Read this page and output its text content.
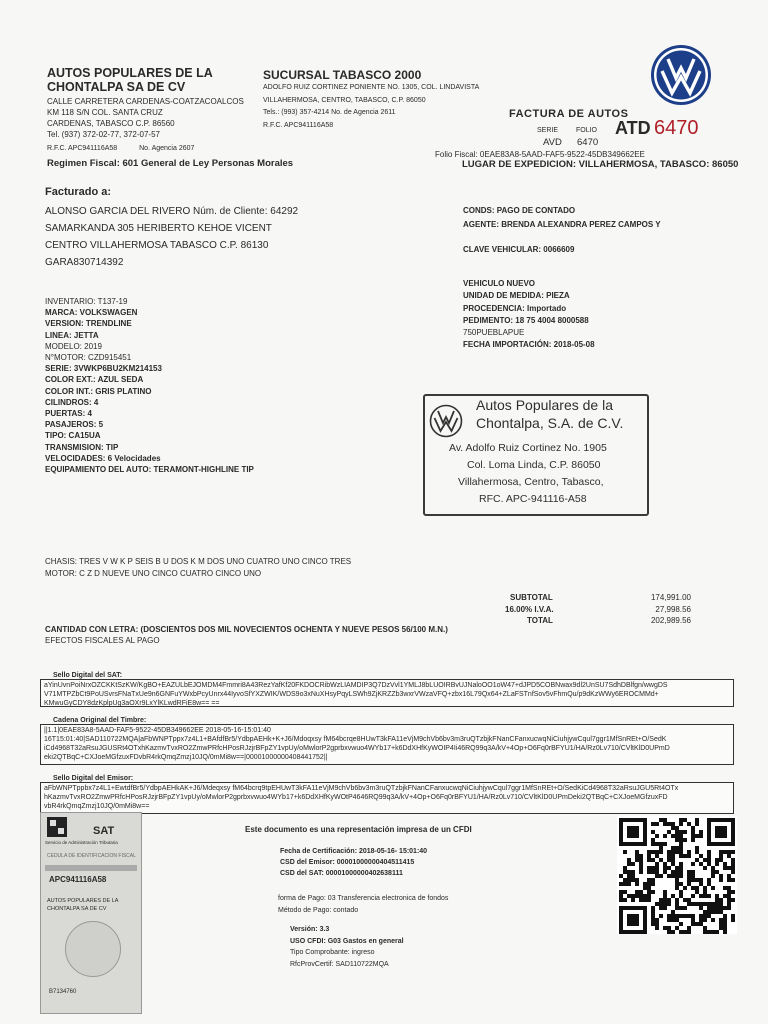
AUTOS POPULARES DE LA
CHONTALPA SA DE CV
CALLE CARRETERA CARDENAS-COATZACOALCOS
KM 118 S/N COL. SANTA CRUZ
CARDENAS, TABASCO C.P. 86560
Tel. (937) 372-02-77, 372-07-57
R.F.C. APC941116A58	No. Agencia 2607
Regimen Fiscal: 601 General de Ley Personas Morales
SUCURSAL TABASCO 2000
ADOLFO RUIZ CORTINEZ PONIENTE NO. 1305, COL. LINDAVISTA
VILLAHERMOSA, CENTRO, TABASCO, C.P. 86050
Tels.: (993) 357-4214 No. de Agencia 2611
R.F.C. APC941116A58
FACTURA DE AUTOS
SERIE	FOLIO ATD 6470
AVD 6470
Folio Fiscal: 0EAE83A8-5AAD-FAF5-9522-45DB349662EE
LUGAR DE EXPEDICION: VILLAHERMOSA, TABASCO: 86050
Facturado a:
ALONSO GARCIA DEL RIVERO Núm. de Cliente: 64292
SAMARKANDA 305 HERIBERTO KEHOE VICENT
CENTRO VILLAHERMOSA TABASCO C.P. 86130
GARA830714392
CONDS: PAGO DE CONTADO
AGENTE: BRENDA ALEXANDRA PEREZ CAMPOS Y
CLAVE VEHICULAR: 0066609
INVENTARIO: T137-19
MARCA: VOLKSWAGEN
VERSION: TRENDLINE
LINEA: JETTA
MODELO: 2019
N°MOTOR: CZD915451
SERIE: 3VWKP6BU2KM214153
COLOR EXT.: AZUL SEDA
COLOR INT.: GRIS PLATINO
CILINDROS: 4
PUERTAS: 4
PASAJEROS: 5
TIPO: CA15UA
TRANSMISION: TIP
VELOCIDADES: 6 Velocidades
EQUIPAMIENTO DEL AUTO: TERAMONT-HIGHLINE TIP
VEHICULO NUEVO
UNIDAD DE MEDIDA: PIEZA
PROCEDENCIA: Importado
PEDIMENTO: 18 75 4004 8000588
750PUEBLAPUE
FECHA IMPORTACIÓN: 2018-05-08
Autos Populares de la
Chontalpa, S.A. de C.V.
Av. Adolfo Ruiz Cortinez No. 1905
Col. Loma Linda, C.P. 86050
Villahermosa, Centro, Tabasco,
RFC. APC-941116-A58
CHASIS: TRES V W K P SEIS B U DOS K M DOS UNO CUATRO UNO CINCO TRES
MOTOR: C Z D NUEVE UNO CINCO CUATRO CINCO UNO
SUBTOTAL	174,991.00
16.00% I.V.A.	27,998.56
TOTAL	202,989.56
CANTIDAD CON LETRA: (DOSCIENTOS DOS MIL NOVECIENTOS OCHENTA Y NUEVE PESOS 56/100 M.N.)
EFECTOS FISCALES AL PAGO
Sello Digital del SAT:
aYinUvnPoiNrxOZCKKtSzKW/KgBO+EAZULbEJOMDM4Fmmri8A43RezYafKf20FKDOCRibWzLIAMDIP3Q7DzVvl1YMLJ8bLUOIRBvUJNaloOO1oW47+dJPD5COBNwax9dl2UnSU7SdhDBlfgn/wwgDS
V71MTPZbCt9PoUSvrsFNaTxUe9n6GNFuYWxbPcyUnrx44IyvoSfYXZWIK/WDS9o3xNuXHsyPqyLSWh9ZjKRZZb3wxrVWzaVFQ+zbx16L79Qx64+ZLaFSTnfSov5vFhmQu/p9dKzWWy6EROCMMd+
KMwuGyCDY8dzKplpUg3aOXr9LxYlKLwdRFiE8w== ==
Cadena Original del Timbre:
||1.1|0EAE83A8-5AAD-FAF5-9522-45DB349662EE 2018-05-16-15:01:40
16T15:01:40|SAD110722MQA|aFbWNPTppx7z4L1+BAfdfBr5/YdbpAEHk+K+J6/Mdoqxsy fM64bcrqe8HUwT3kFA11eVjM9chVb6bv3m3ruQTzbjkFNanCFanxucwqNiCiuhjywCqul7ggr1MfSnREt+O/SedK
iCd4968T32aRsuJGUSRt4OTxhKazmvTvxRO2ZmwPRfcHPosRJzjrBFpZY1vpUy/oMwlorP2gprbxvwuo4WYb17+k6DdXHfKyWOIP4Ii46RQ99q3A/kV+4Op+O6Fq0rBFYU1/HA/Rz0Lv710/CVltKlD0UPmD
eki2QTBqC+CXJoeMGfzuxFDvbR4rkQmqZmzj10JQ/0mMi8w==|00001000000408441752||
Sello Digital del Emisor:
aFbWNPTppbx7z4L1+EwtdfBr5/YdbpAEHkAK+J6/Mdeqxsy fM64bcrq9tpEHUwT3kFA11eVjM9chVb6bv3m3ruQTzbjkFNanCFanxucwqNiCiuhjywCqul7ggr1MfSnREt+O/SedKiCd4968T32aRsuJGU5Rt4OTx
hKazmvTvxRO2ZmwPRfcHPosRJzjrBFpZY1vpUy/oMwlorP2gprbxvwuo4WYb17+k6DdXHfKyWOtP4646RQ99q3A/kV+4Op+O6Fq0rBFYU1/HA/Rz0Lv710/CVltKlD0UPmDeki2QTBqC+CXJoeMGfzuxFD
vbR4rkQmqZmzj10JQ/0mMi8w==
SAT
Servicio de Administración Tributaria
CÉDULA DE IDENTIFICACIÓN FISCAL
APC941116A58
AUTOS POPULARES DE LA
CHONTALPA SA DE CV
B7134760
Este documento es una representación impresa de un CFDI
Fecha de Certificación: 2018-05-16- 15:01:40
CSD del Emisor: 00001000000404511415
CSD del SAT: 00001000000402638111
forma de Pago: 03 Transferencia electronica de fondos
Método de Pago: contado
Versión: 3.3
USO CFDI: G03 Gastos en general
Tipo Comprobante: ingreso
RfcProvCertif: SAD110722MQA
